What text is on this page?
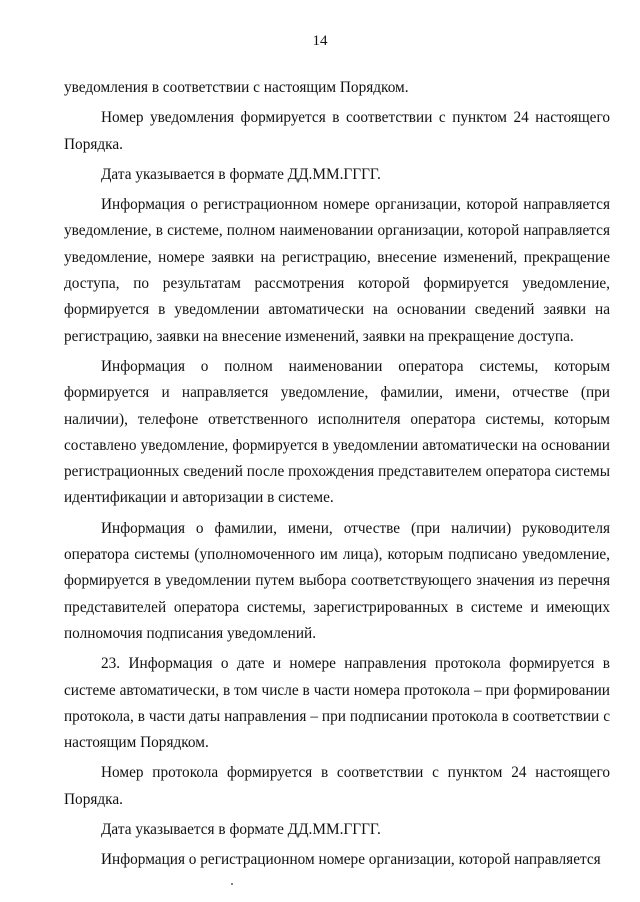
14

уведомления в соответствии с настоящим Порядком.

Номер уведомления формируется в соответствии с пунктом 24 настоящего Порядка.

Дата указывается в формате ДД.ММ.ГГГГ.

Информация о регистрационном номере организации, которой направляется уведомление, в системе, полном наименовании организации, которой направляется уведомление, номере заявки на регистрацию, внесение изменений, прекращение доступа, по результатам рассмотрения которой формируется уведомление, формируется в уведомлении автоматически на основании сведений заявки на регистрацию, заявки на внесение изменений, заявки на прекращение доступа.

Информация о полном наименовании оператора системы, которым формируется и направляется уведомление, фамилии, имени, отчестве (при наличии), телефоне ответственного исполнителя оператора системы, которым составлено уведомление, формируется в уведомлении автоматически на основании регистрационных сведений после прохождения представителем оператора системы идентификации и авторизации в системе.

Информация о фамилии, имени, отчестве (при наличии) руководителя оператора системы (уполномоченного им лица), которым подписано уведомление, формируется в уведомлении путем выбора соответствующего значения из перечня представителей оператора системы, зарегистрированных в системе и имеющих полномочия подписания уведомлений.

23. Информация о дате и номере направления протокола формируется в системе автоматически, в том числе в части номера протокола – при формировании протокола, в части даты направления – при подписании протокола в соответствии с настоящим Порядком.

Номер протокола формируется в соответствии с пунктом 24 настоящего Порядка.

Дата указывается в формате ДД.ММ.ГГГГ.

Информация о регистрационном номере организации, которой направляется
